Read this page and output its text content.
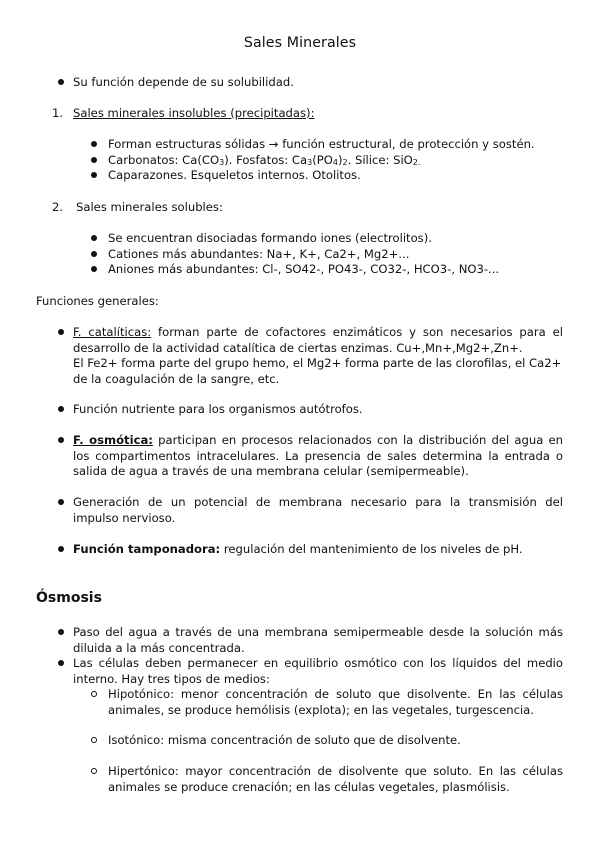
Sales Minerales
Su función depende de su solubilidad.
1. Sales minerales insolubles (precipitadas):
Forman estructuras sólidas → función estructural, de protección y sostén.
Carbonatos: $Ca(CO_3)$. Fosfatos: $Ca_3(PO_4)_2$. Sílice: SiO$_{2.}$
Caparazones. Esqueletos internos. Otolitos.
2. Sales minerales solubles:
Se encuentran disociadas formando iones (electrolitos).
Cationes más abundantes: Na+, K+, Ca2+, Mg2+...
Aniones más abundantes: Cl-, SO42-, PO43-, CO32-, HCO3-, NO3-...
Funciones generales:
F. catalíticas: forman parte de cofactores enzimáticos y son necesarios para el desarrollo de la actividad catalítica de ciertas enzimas. Cu+,Mn+,Mg2+,Zn+.
El Fe2+ forma parte del grupo hemo, el Mg2+ forma parte de las clorofilas, el Ca2+ de la coagulación de la sangre, etc.
Función nutriente para los organismos autótrofos.
F. osmótica: participan en procesos relacionados con la distribución del agua en los compartimentos intracelulares. La presencia de sales determina la entrada o salida de agua a través de una membrana celular (semipermeable).
Generación de un potencial de membrana necesario para la transmisión del impulso nervioso.
Función tamponadora: regulación del mantenimiento de los niveles de pH.
Ósmosis
Paso del agua a través de una membrana semipermeable desde la solución más diluida a la más concentrada.
Las células deben permanecer en equilibrio osmótico con los líquidos del medio interno. Hay tres tipos de medios:
Hipotónico: menor concentración de soluto que disolvente. En las células animales, se produce hemólisis (explota); en las vegetales, turgescencia.
Isotónico: misma concentración de soluto que de disolvente.
Hipertónico: mayor concentración de disolvente que soluto. En las células animales se produce crenación; en las células vegetales, plasmólisis.
